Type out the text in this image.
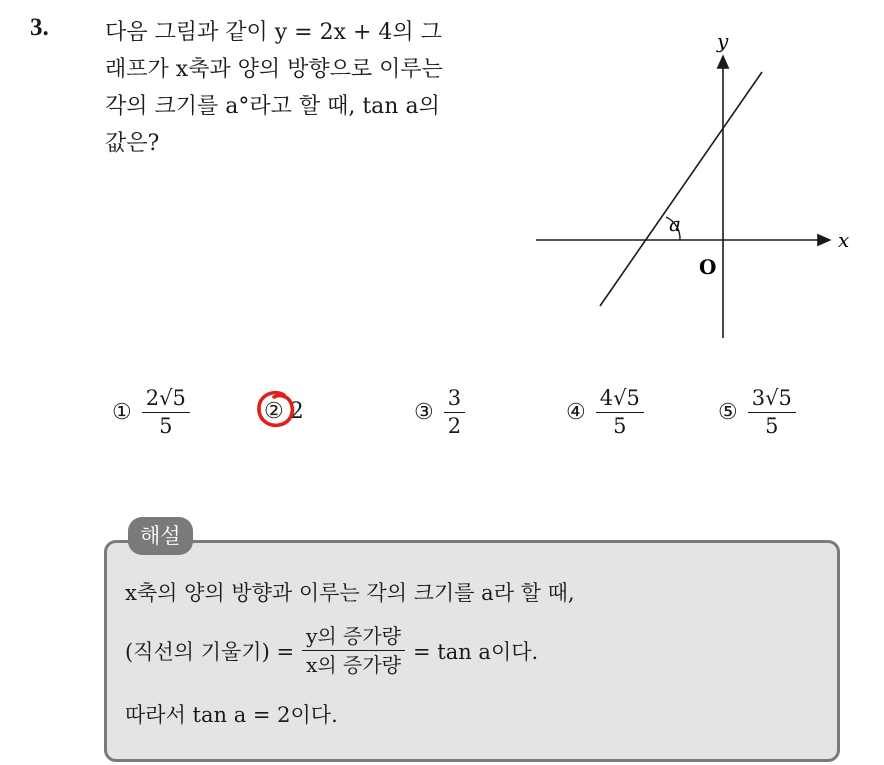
3.	다음 그림과 같이 y = 2x + 4의 그
래프가 x축과 양의 방향으로 이루는
각의 크기를 a°라고 할 때, tan a의
값은?
y
x
O
a
① $\frac{2√5}{5}$	② 2	③ $\frac{3}{2}$	④ $\frac{4√5}{5}$	⑤ $\frac{3√5}{5}$
해설
x축의 양의 방향과 이루는 각의 크기를 a라 할 때,
(직선의 기울기) = $\frac{\text{y의 증가량}}{\text{x의 증가량}} = \tan a$이다.
따라서 tan a = 2이다.
